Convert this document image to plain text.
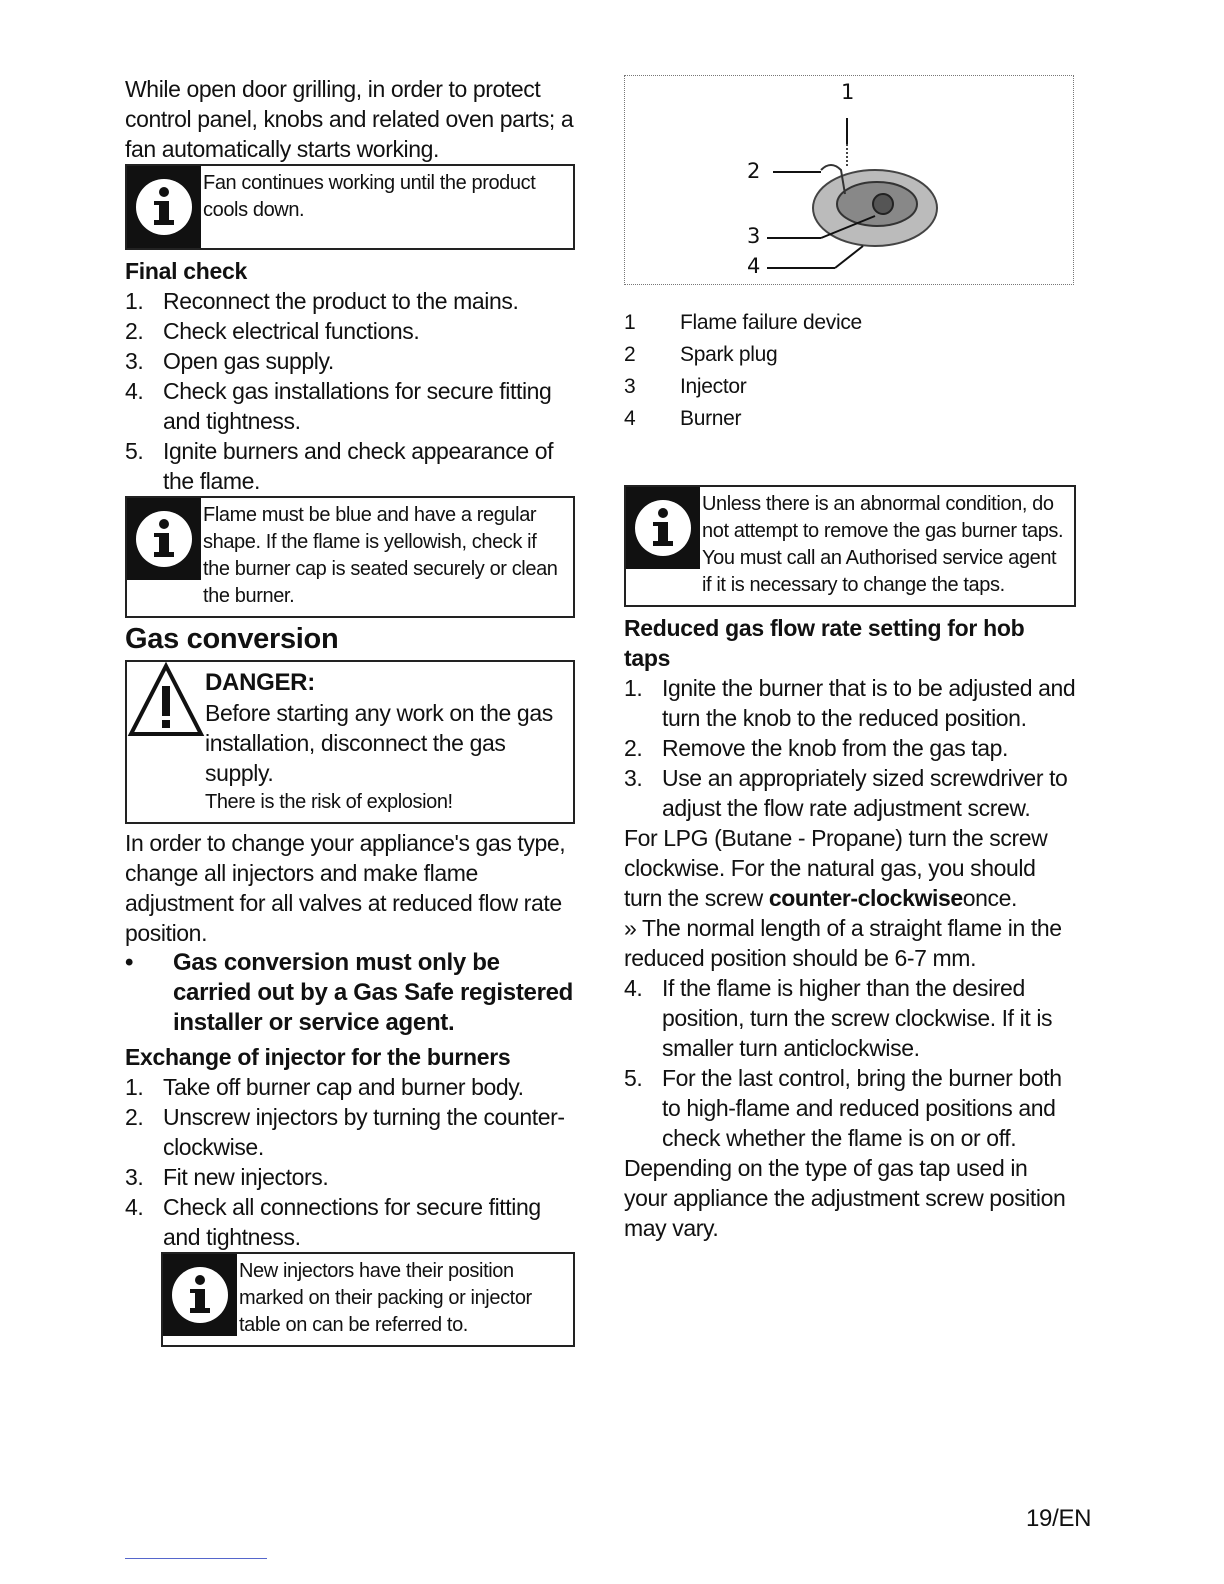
While open door grilling, in order to protect control panel, knobs and related oven parts; a fan automatically starts working.

Fan continues working until the product cools down.
Final check
1. Reconnect the product to the mains.
2. Check electrical functions.
3. Open gas supply.
4. Check gas installations for secure fitting and tightness.
5. Ignite burners and check appearance of the flame.
Flame must be blue and have a regular shape. If the flame is yellowish, check if the burner cap is seated securely or clean the burner.
Gas conversion
DANGER:
Before starting any work on the gas installation, disconnect the gas supply.
There is the risk of explosion!

In order to change your appliance's gas type, change all injectors and make flame adjustment for all valves at reduced flow rate position.

• Gas conversion must only be carried out by a Gas Safe registered installer or service agent.
Exchange of injector for the burners
1. Take off burner cap and burner body.
2. Unscrew injectors by turning the counter-clockwise.
3. Fit new injectors.
4. Check all connections for secure fitting and tightness.
New injectors have their position marked on their packing or injector table on can be referred to.
1
2
3
4
1	Flame failure device
2	Spark plug
3	Injector
4	Burner
Unless there is an abnormal condition, do not attempt to remove the gas burner taps. You must call an Authorised service agent if it is necessary to change the taps.
Reduced gas flow rate setting for hob taps
1. Ignite the burner that is to be adjusted and turn the knob to the reduced position.
2. Remove the knob from the gas tap.
3. Use an appropriately sized screwdriver to adjust the flow rate adjustment screw.

For LPG (Butane - Propane) turn the screw clockwise. For the natural gas, you should turn the screw counter-clockwiseonce.

» The normal length of a straight flame in the reduced position should be 6-7 mm.

4. If the flame is higher than the desired position, turn the screw clockwise. If it is smaller turn anticlockwise.
5. For the last control, bring the burner both to high-flame and reduced positions and check whether the flame is on or off.

Depending on the type of gas tap used in your appliance the adjustment screw position may vary.

19/EN
